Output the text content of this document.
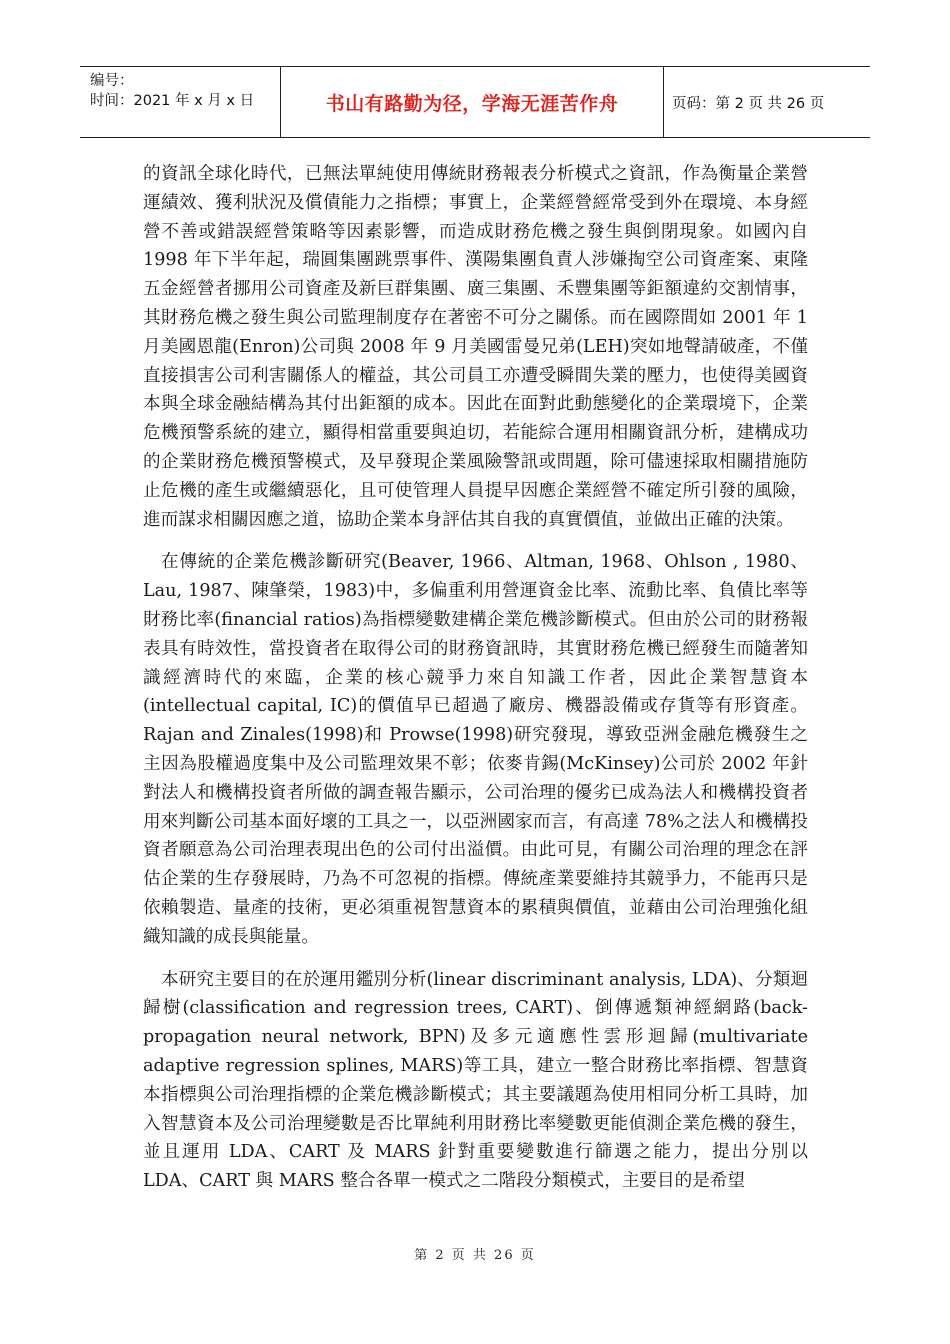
编号：
时间：2021 年 x 月 x 日	书山有路勤为径，学海无涯苦作舟	页码：第 2 页 共 26 页

的資訊全球化時代，已無法單純使用傳統財務報表分析模式之資訊，作為衡量企業營運績效、獲利狀況及償債能力之指標；事實上，企業經營經常受到外在環境、本身經營不善或錯誤經營策略等因素影響，而造成財務危機之發生與倒閉現象。如國內自 1998 年下半年起，瑞圓集團跳票事件、漢陽集團負責人涉嫌掏空公司資產案、東隆五金經營者挪用公司資產及新巨群集團、廣三集團、禾豐集團等鉅額違約交割情事，其財務危機之發生與公司監理制度存在著密不可分之關係。而在國際間如 2001 年 1 月美國恩龍(Enron)公司與 2008 年 9 月美國雷曼兄弟(LEH)突如地聲請破產，不僅直接損害公司利害關係人的權益，其公司員工亦遭受瞬間失業的壓力，也使得美國資本與全球金融結構為其付出鉅額的成本。因此在面對此動態變化的企業環境下，企業危機預警系統的建立，顯得相當重要與迫切，若能綜合運用相關資訊分析，建構成功的企業財務危機預警模式，及早發現企業風險警訊或問題，除可儘速採取相關措施防止危機的產生或繼續惡化，且可使管理人員提早因應企業經營不確定所引發的風險，進而謀求相關因應之道，協助企業本身評估其自我的真實價值，並做出正確的決策。

在傳統的企業危機診斷研究(Beaver, 1966、Altman, 1968、Ohlson , 1980、Lau, 1987、陳肇榮，1983)中，多偏重利用營運資金比率、流動比率、負債比率等財務比率(financial ratios)為指標變數建構企業危機診斷模式。但由於公司的財務報表具有時效性，當投資者在取得公司的財務資訊時，其實財務危機已經發生而隨著知識經濟時代的來臨，企業的核心競爭力來自知識工作者，因此企業智慧資本(intellectual capital, IC)的價值早已超過了廠房、機器設備或存貨等有形資產。Rajan and Zinales(1998)和 Prowse(1998)研究發現，導致亞洲金融危機發生之主因為股權過度集中及公司監理效果不彰；依麥肯錫(McKinsey)公司於 2002 年針對法人和機構投資者所做的調查報告顯示，公司治理的優劣已成為法人和機構投資者用來判斷公司基本面好壞的工具之一，以亞洲國家而言，有高達 78%之法人和機構投資者願意為公司治理表現出色的公司付出溢價。由此可見，有關公司治理的理念在評估企業的生存發展時，乃為不可忽視的指標。傳統產業要維持其競爭力，不能再只是依賴製造、量產的技術，更必須重視智慧資本的累積與價值，並藉由公司治理強化組織知識的成長與能量。

本研究主要目的在於運用鑑別分析(linear discriminant analysis, LDA)、分類迴歸樹(classification and regression trees, CART)、倒傳遞類神經網路(back-propagation neural network, BPN)及多元適應性雲形迴歸(multivariate adaptive regression splines, MARS)等工具，建立一整合財務比率指標、智慧資本指標與公司治理指標的企業危機診斷模式；其主要議題為使用相同分析工具時，加入智慧資本及公司治理變數是否比單純利用財務比率變數更能偵測企業危機的發生，並且運用 LDA、CART 及 MARS 針對重要變數進行篩選之能力，提出分別以 LDA、CART 與 MARS 整合各單一模式之二階段分類模式，主要目的是希望

第 2 页 共 26 页
